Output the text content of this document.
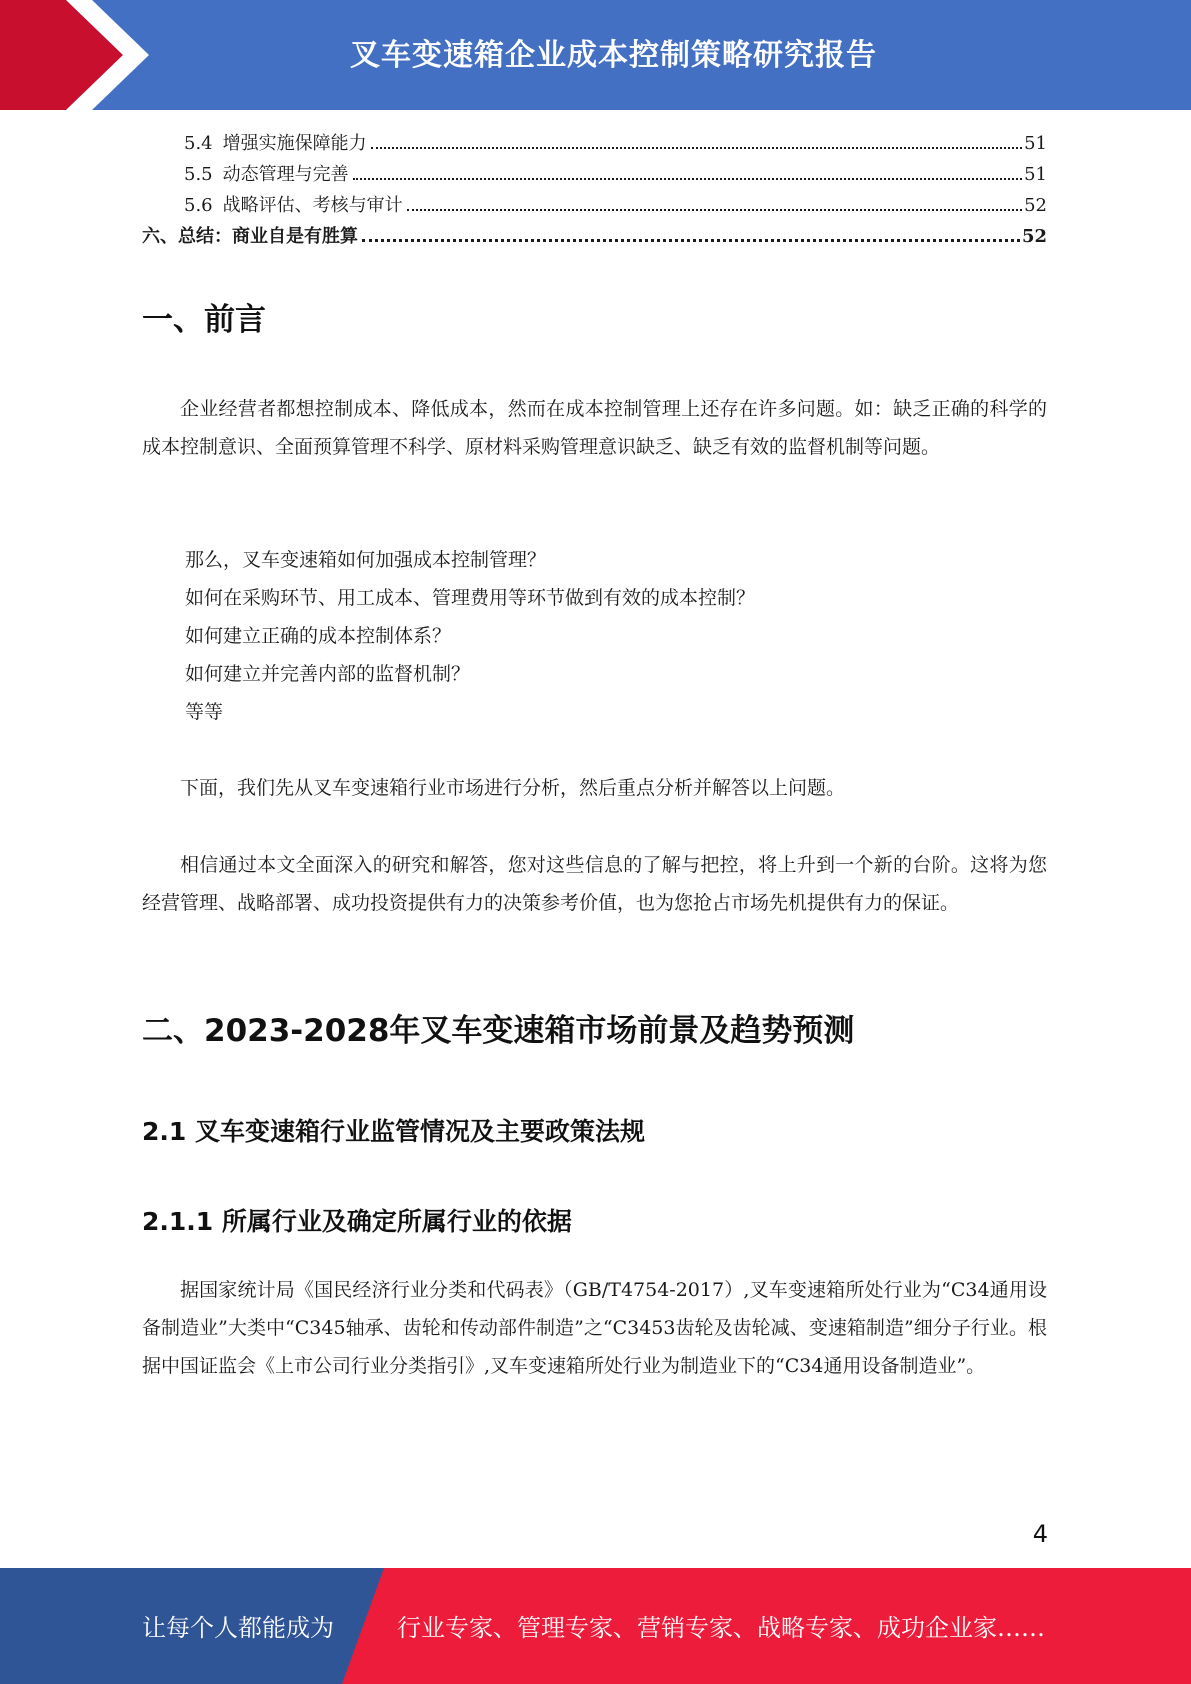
叉车变速箱企业成本控制策略研究报告
5.4 增强实施保障能力	51
5.5 动态管理与完善	51
5.6 战略评估、考核与审计	52
六、 总结：商业自是有胜算	52
一、前言

企业经营者都想控制成本、降低成本，然而在成本控制管理上还存在许多问题。如：缺乏正确的科学的成本控制意识、全面预算管理不科学、原材料采购管理意识缺乏、缺乏有效的监督机制等问题。

那么，叉车变速箱如何加强成本控制管理？
如何在采购环节、用工成本、管理费用等环节做到有效的成本控制？
如何建立正确的成本控制体系？
如何建立并完善内部的监督机制？
等等

下面，我们先从叉车变速箱行业市场进行分析，然后重点分析并解答以上问题。

相信通过本文全面深入的研究和解答，您对这些信息的了解与把控，将上升到一个新的台阶。这将为您经营管理、战略部署、成功投资提供有力的决策参考价值，也为您抢占市场先机提供有力的保证。

二、2023-2028年叉车变速箱市场前景及趋势预测
2.1 叉车变速箱行业监管情况及主要政策法规
2.1.1 所属行业及确定所属行业的依据

据国家统计局《国民经济行业分类和代码表》（GB/T4754-2017）,叉车变速箱所处行业为“C34通用设备制造业”大类中“C345轴承、齿轮和传动部件制造”之“C3453齿轮及齿轮减、变速箱制造”细分子行业。根据中国证监会《上市公司行业分类指引》,叉车变速箱所处行业为制造业下的“C34通用设备制造业”。

4
让每个人都能成为	行业专家、管理专家、营销专家、战略专家、成功企业家……
